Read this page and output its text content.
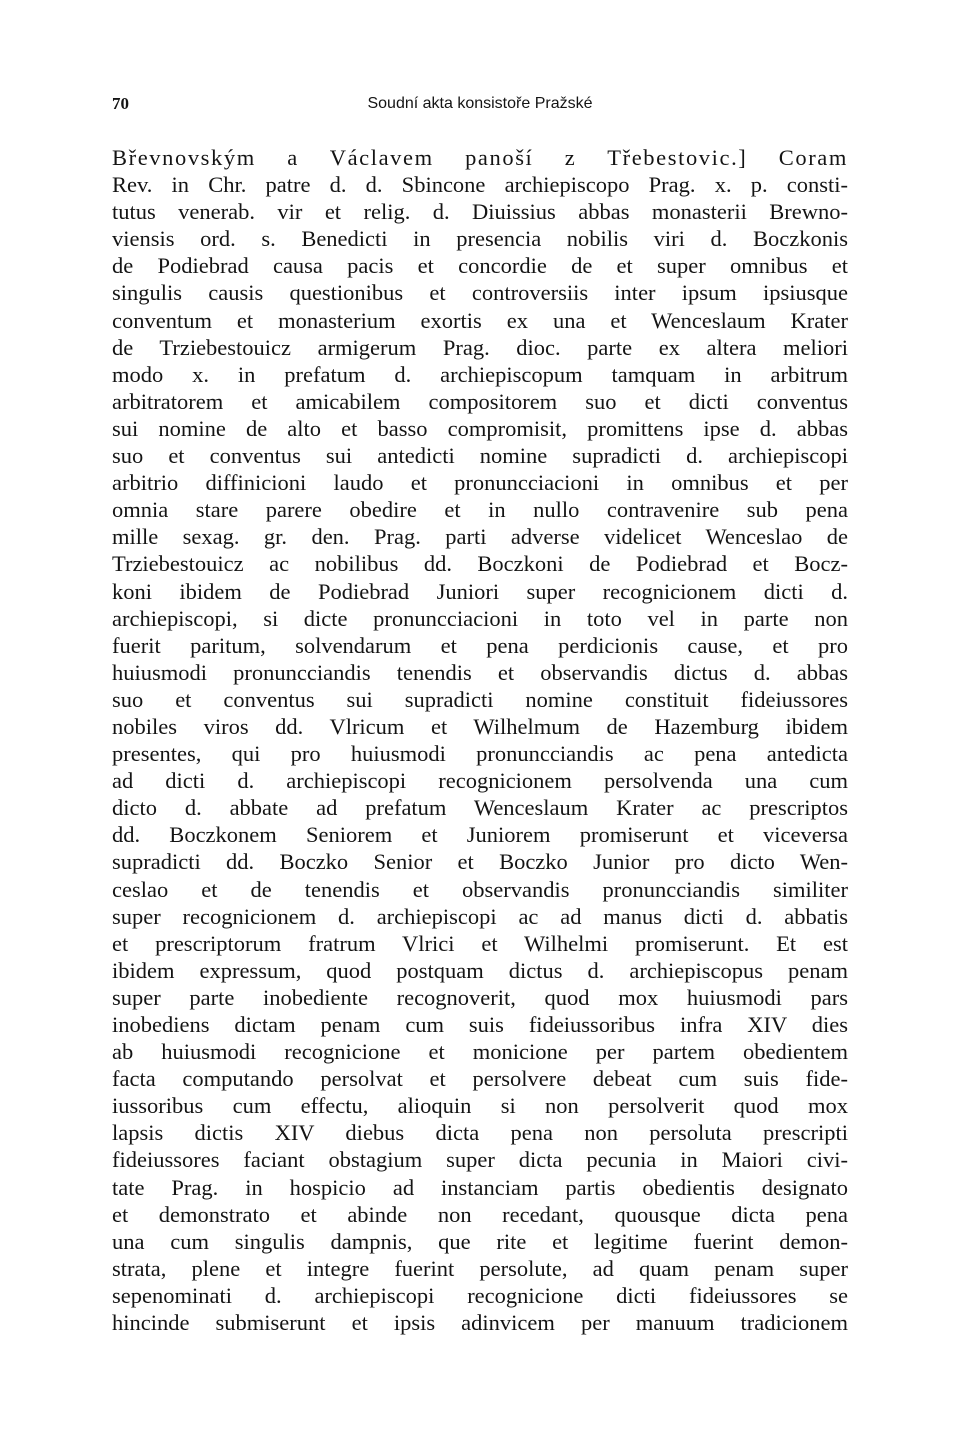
70	Soudní akta konsistoře Pražské
Břevnovským a Václavem panoší z Třebestovic.] Coram
Rev. in Chr. patre d. d. Sbincone archiepiscopo Prag. x. p. consti-
tutus venerab. vir et relig. d. Diuissius abbas monasterii Brewno-
viensis ord. s. Benedicti in presencia nobilis viri d. Boczkonis
de Podiebrad causa pacis et concordie de et super omnibus et
singulis causis questionibus et controversiis inter ipsum ipsiusque
conventum et monasterium exortis ex una et Wenceslaum Krater
de Trziebestouicz armigerum Prag. dioc. parte ex altera meliori
modo x. in prefatum d. archiepiscopum tamquam in arbitrum
arbitratorem et amicabilem compositorem suo et dicti conventus
sui nomine de alto et basso compromisit, promittens ipse d. abbas
suo et conventus sui antedicti nomine supradicti d. archiepiscopi
arbitrio diffinicioni laudo et pronuncciacioni in omnibus et per
omnia stare parere obedire et in nullo contravenire sub pena
mille sexag. gr. den. Prag. parti adverse videlicet Wenceslao de
Trziebestouicz ac nobilibus dd. Boczkoni de Podiebrad et Bocz-
koni ibidem de Podiebrad Juniori super recognicionem dicti d.
archiepiscopi, si dicte pronuncciacioni in toto vel in parte non
fuerit paritum, solvendarum et pena perdicionis cause, et pro
huiusmodi pronuncciandis tenendis et observandis dictus d. abbas
suo et conventus sui supradicti nomine constituit fideiussores
nobiles viros dd. Vlricum et Wilhelmum de Hazemburg ibidem
presentes, qui pro huiusmodi pronuncciandis ac pena antedicta
ad dicti d. archiepiscopi recognicionem persolvenda una cum
dicto d. abbate ad prefatum Wenceslaum Krater ac prescriptos
dd. Boczkonem Seniorem et Juniorem promiserunt et viceversa
supradicti dd. Boczko Senior et Boczko Junior pro dicto Wen-
ceslao et de tenendis et observandis pronuncciandis similiter
super recognicionem d. archiepiscopi ac ad manus dicti d. abbatis
et prescriptorum fratrum Vlrici et Wilhelmi promiserunt. Et est
ibidem expressum, quod postquam dictus d. archiepiscopus penam
super parte inobediente recognoverit, quod mox huiusmodi pars
inobediens dictam penam cum suis fideiussoribus infra XIV dies
ab huiusmodi recognicione et monicione per partem obedientem
facta computando persolvat et persolvere debeat cum suis fide-
iussoribus cum effectu, alioquin si non persolverit quod mox
lapsis dictis XIV diebus dicta pena non persoluta prescripti
fideiussores faciant obstagium super dicta pecunia in Maiori civi-
tate Prag. in hospicio ad instanciam partis obedientis designato
et demonstrato et abinde non recedant, quousque dicta pena
una cum singulis dampnis, que rite et legitime fuerint demon-
strata, plene et integre fuerint persolute, ad quam penam super
sepenominati d. archiepiscopi recognicione dicti fideiussores se
hincinde submiserunt et ipsis adinvicem per manuum tradicionem
